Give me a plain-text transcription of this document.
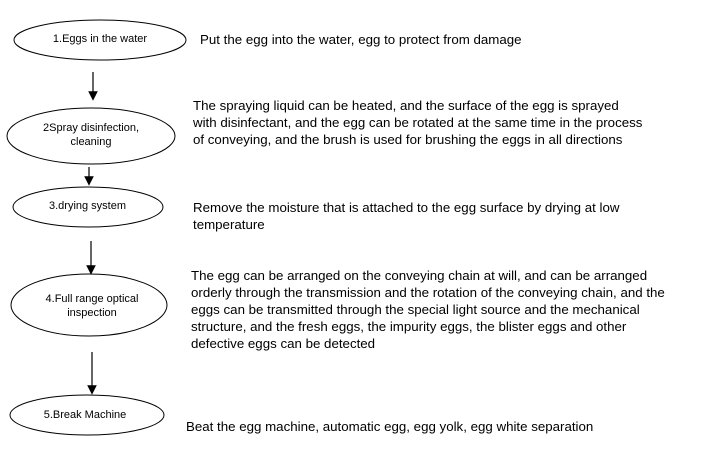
1.Eggs in the water
2Spray disinfection,
cleaning
3.drying system
4.Full range optical
inspection
5.Break Machine
Put the egg into the water, egg to protect from damage
The spraying liquid can be heated, and the surface of the egg is sprayed with disinfectant, and the egg can be rotated at the same time in the process of conveying, and the brush is used for brushing the eggs in all directions
Remove the moisture that is attached to the egg surface by drying at low temperature
The egg can be arranged on the conveying chain at will, and can be arranged orderly through the transmission and the rotation of the conveying chain, and the eggs can be transmitted through the special light source and the mechanical structure, and the fresh eggs, the impurity eggs, the blister eggs and other defective eggs can be detected
Beat the egg machine, automatic egg, egg yolk, egg white separation
